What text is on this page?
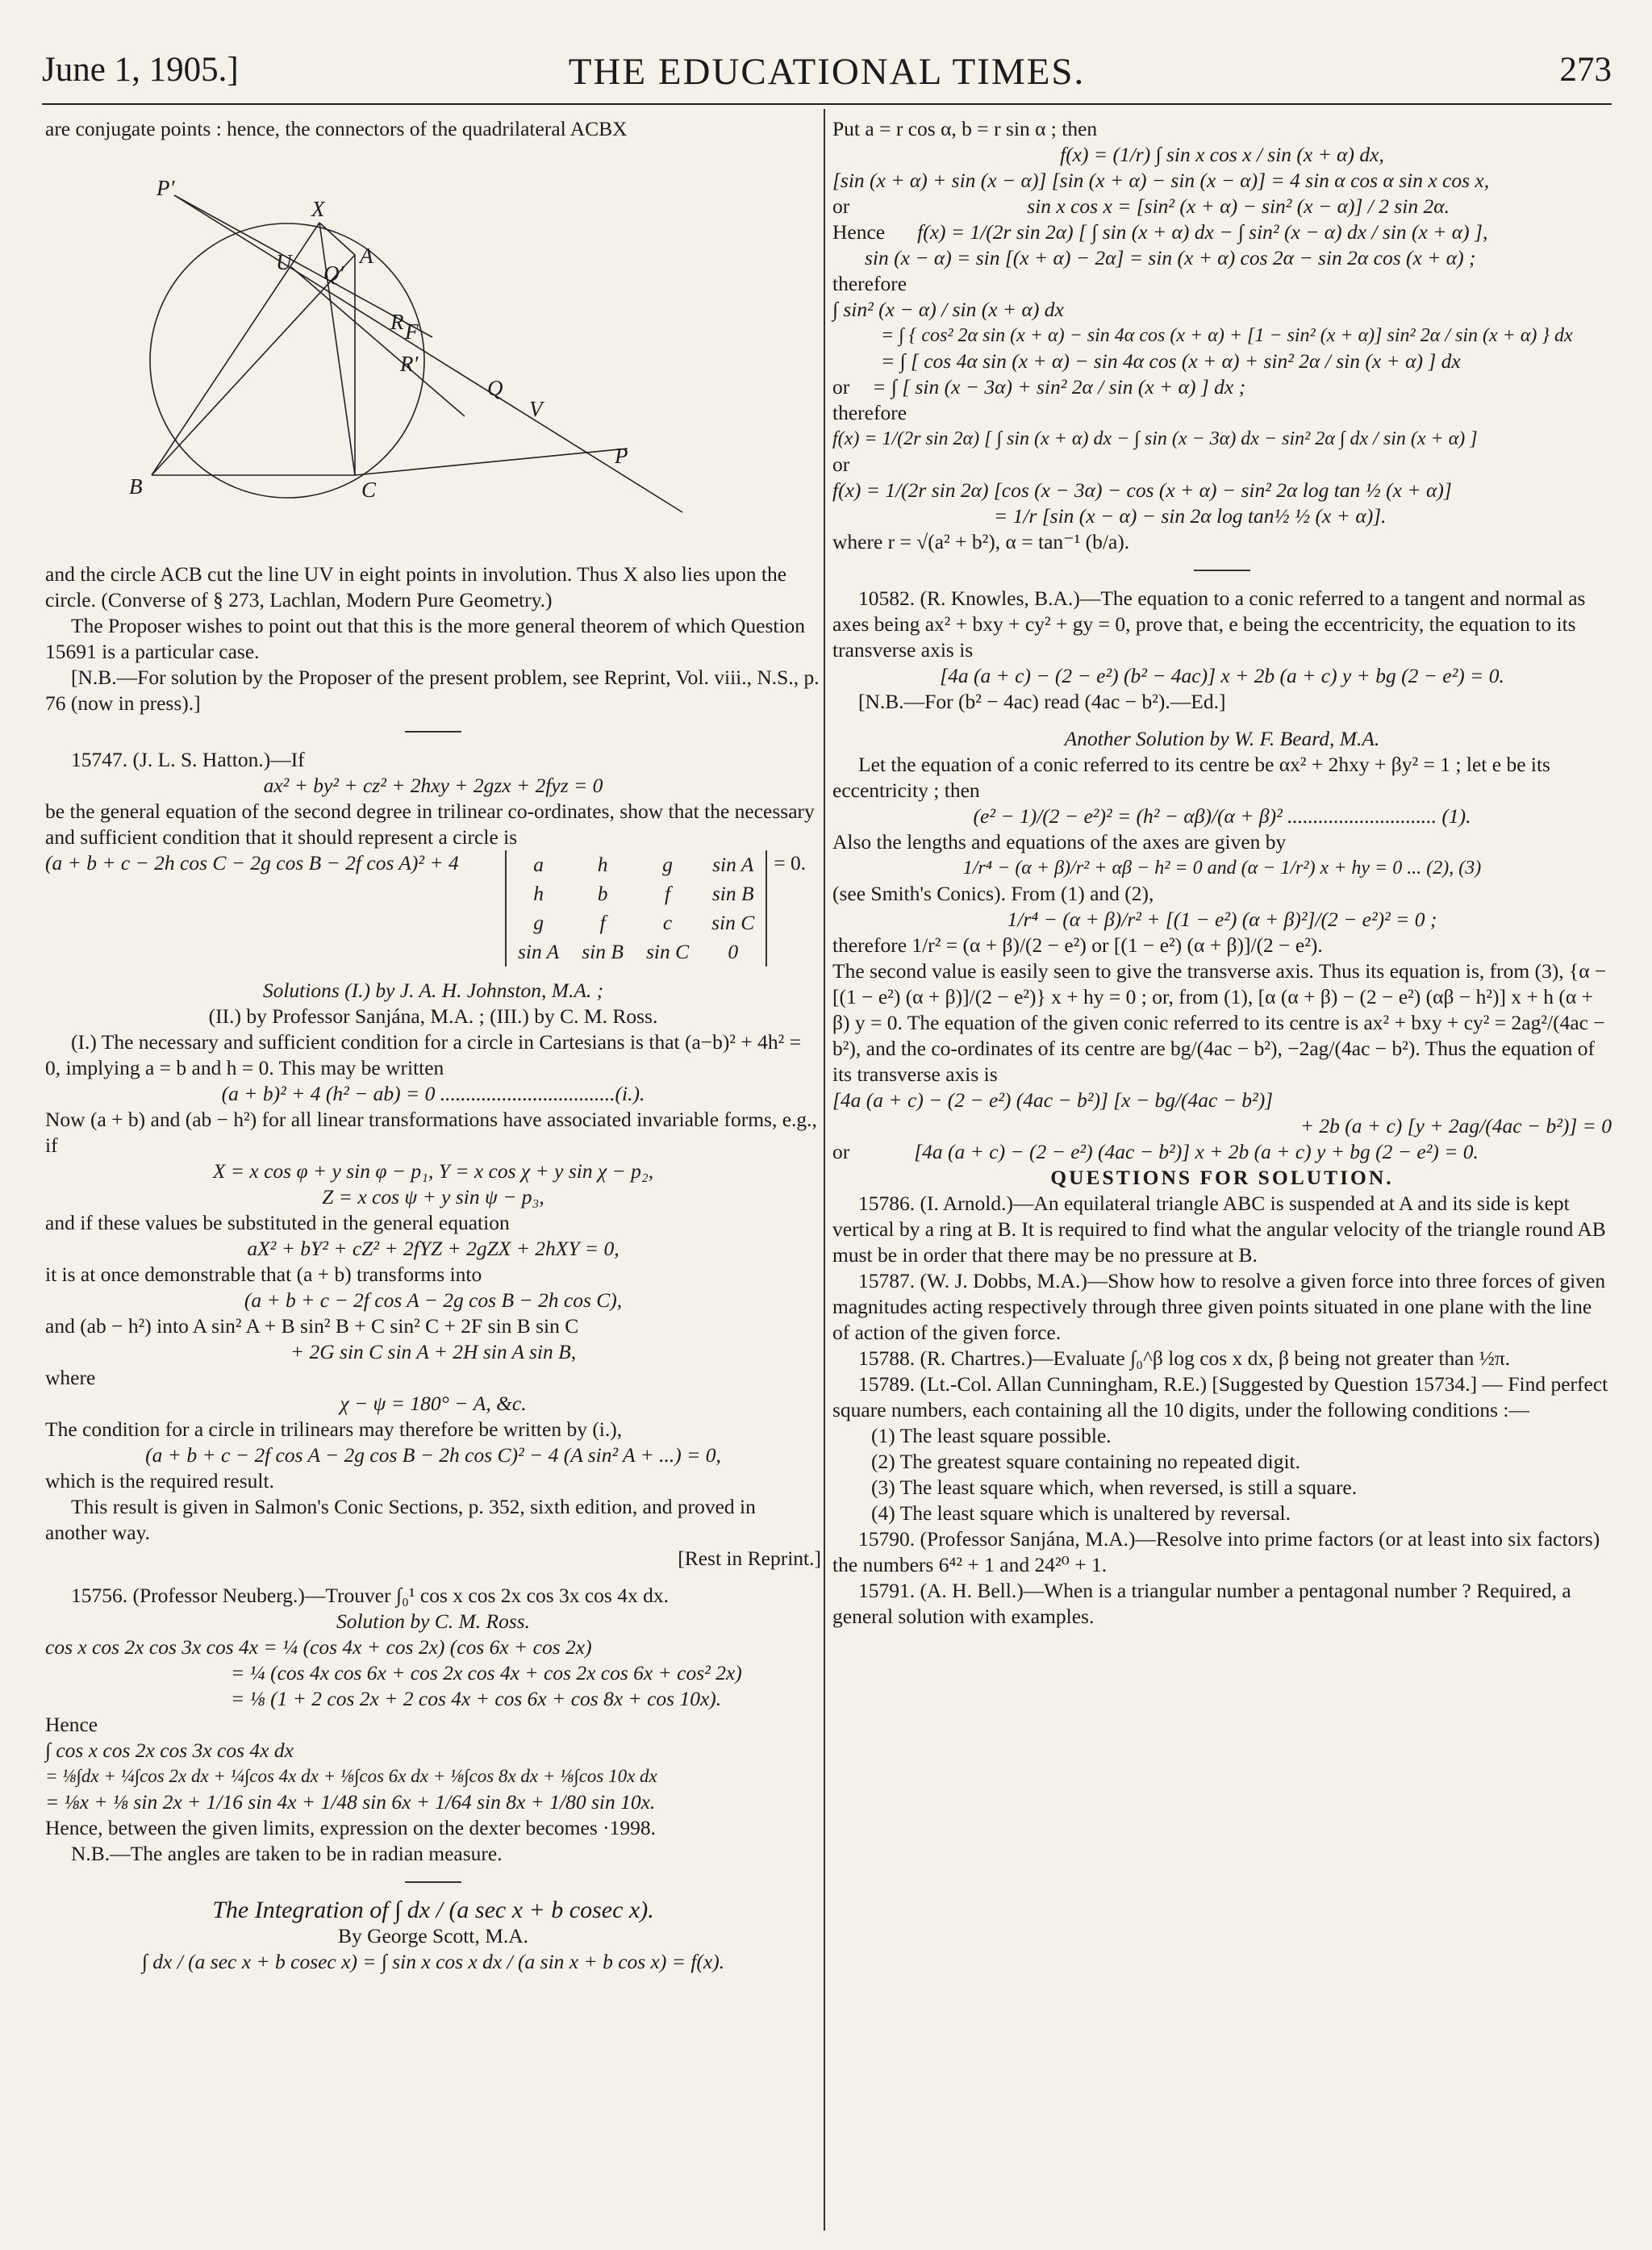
June 1, 1905.]	THE EDUCATIONAL TIMES.	273

are conjugate points : hence, the connectors of the quadrilateral ACBX

P′
X
U Q′
A
R F
R′
Q
V
P
B	C

and the circle ACB cut the line UV in eight points in involution. Thus X also lies upon the circle. (Converse of § 273, Lachlan, Modern Pure Geometry.)

The Proposer wishes to point out that this is the more general theorem of which Question 15691 is a particular case.

[N.B.—For solution by the Proposer of the present problem, see Reprint, Vol. viii., N.S., p. 76 (now in press).]

15747. (J. L. S. Hatton.)—If

ax² + by² + cz² + 2hxy + 2gzx + 2fyz = 0

be the general equation of the second degree in trilinear co-ordinates, show that the necessary and sufficient condition that it should represent a circle is

(a + b + c − 2h cos C − 2g cos B − 2f cos A)² + 4	a	h	g	sin A
h	b	f	sin B
g	f	c	sin C
sin A	sin B	sin C	0
= 0.

Solutions (I.) by J. A. H. Johnston, M.A. ;

(II.) by Professor Sanjána, M.A. ; (III.) by C. M. Ross.

(I.) The necessary and sufficient condition for a circle in Cartesians is that (a−b)² + 4h² = 0, implying a = b and h = 0. This may be written

(a + b)² + 4 (h² − ab) = 0 ..................................(i.).

Now (a + b) and (ab − h²) for all linear transformations have associated invariable forms, e.g., if

X = x cos φ + y sin φ − p₁, Y = x cos χ + y sin χ − p₂,

Z = x cos ψ + y sin ψ − p₃,

and if these values be substituted in the general equation

aX² + bY² + cZ² + 2fYZ + 2gZX + 2hXY = 0,

it is at once demonstrable that (a + b) transforms into

(a + b + c − 2f cos A − 2g cos B − 2h cos C),

and (ab − h²) into A sin² A + B sin² B + C sin² C + 2F sin B sin C

+ 2G sin C sin A + 2H sin A sin B,

where

χ − ψ = 180° − A, &c.

The condition for a circle in trilinears may therefore be written by (i.),

(a + b + c − 2f cos A − 2g cos B − 2h cos C)² − 4 (A sin² A + ...) = 0,

which is the required result.

This result is given in Salmon's Conic Sections, p. 352, sixth edition, and proved in another way.

[Rest in Reprint.]

15756. (Professor Neuberg.)—Trouver ∫₀¹ cos x cos 2x cos 3x cos 4x dx.

Solution by C. M. Ross.

cos x cos 2x cos 3x cos 4x = ¼ (cos 4x + cos 2x) (cos 6x + cos 2x)

= ¼ (cos 4x cos 6x + cos 2x cos 4x + cos 2x cos 6x + cos² 2x)

= ⅛ (1 + 2 cos 2x + 2 cos 4x + cos 6x + cos 8x + cos 10x).

Hence

∫ cos x cos 2x cos 3x cos 4x dx

= ⅛∫dx + ¼∫cos 2x dx + ¼∫cos 4x dx + ⅛∫cos 6x dx + ⅛∫cos 8x dx + ⅛∫cos 10x dx

= ⅛x + ⅛ sin 2x + 1/16 sin 4x + 1/48 sin 6x + 1/64 sin 8x + 1/80 sin 10x.

Hence, between the given limits, expression on the dexter becomes ·1998.

N.B.—The angles are taken to be in radian measure.

The Integration of ∫ dx / (a sec x + b cosec x).

By George Scott, M.A.

∫ dx / (a sec x + b cosec x) = ∫ sin x cos x dx / (a sin x + b cos x) = f(x).

Put a = r cos α, b = r sin α ; then

f(x) = (1/r) ∫ sin x cos x / sin (x + α) dx,

[sin (x + α) + sin (x − α)] [sin (x + α) − sin (x − α)] = 4 sin α cos α sin x cos x,

or	sin x cos x = [sin² (x + α) − sin² (x − α)] / 2 sin 2α.

Hence f(x) = 1/(2r sin 2α) [ ∫ sin (x + α) dx − ∫ sin² (x − α) dx / sin (x + α) ],

sin (x − α) = sin [(x + α) − 2α] = sin (x + α) cos 2α − sin 2α cos (x + α) ;

therefore

∫ sin² (x − α) / sin (x + α) dx

= ∫ { cos² 2α sin (x + α) − sin 4α cos (x + α) + [1 − sin² (x + α)] sin² 2α / sin (x + α) } dx

= ∫ [ cos 4α sin (x + α) − sin 4α cos (x + α) + sin² 2α / sin (x + α) ] dx

or = ∫ [ sin (x − 3α) + sin² 2α / sin (x + α) ] dx ;

therefore

f(x) = 1/(2r sin 2α) [ ∫ sin (x + α) dx − ∫ sin (x − 3α) dx − sin² 2α ∫ dx / sin (x + α) ]

or

f(x) = 1/(2r sin 2α) [cos (x − 3α) − cos (x + α) − sin² 2α log tan ½ (x + α)]

= 1/r [sin (x − α) − sin 2α log tan½ ½ (x + α)].

where r = √(a² + b²), α = tan⁻¹ (b/a).

10582. (R. Knowles, B.A.)—The equation to a conic referred to a tangent and normal as axes being ax² + bxy + cy² + gy = 0, prove that, e being the eccentricity, the equation to its transverse axis is

[4a (a + c) − (2 − e²) (b² − 4ac)] x + 2b (a + c) y + bg (2 − e²) = 0.

[N.B.—For (b² − 4ac) read (4ac − b²).—Ed.]

Another Solution by W. F. Beard, M.A.

Let the equation of a conic referred to its centre be αx² + 2hxy + βy² = 1 ; let e be its eccentricity ; then

(e² − 1)/(2 − e²)² = (h² − αβ)/(α + β)² ............................. (1).

Also the lengths and equations of the axes are given by

1/r⁴ − (α + β)/r² + αβ − h² = 0 and (α − 1/r²) x + hy = 0 ... (2), (3)

(see Smith's Conics). From (1) and (2),

1/r⁴ − (α + β)/r² + [(1 − e²) (α + β)²]/(2 − e²)² = 0 ;

therefore 1/r² = (α + β)/(2 − e²) or [(1 − e²) (α + β)]/(2 − e²).

The second value is easily seen to give the transverse axis. Thus its equation is, from (3), {α − [(1 − e²) (α + β)]/(2 − e²)} x + hy = 0 ; or, from (1), [α (α + β) − (2 − e²) (αβ − h²)] x + h (α + β) y = 0. The equation of the given conic referred to its centre is ax² + bxy + cy² = 2ag²/(4ac − b²), and the co-ordinates of its centre are bg/(4ac − b²), −2ag/(4ac − b²). Thus the equation of its transverse axis is

[4a (a + c) − (2 − e²) (4ac − b²)] [x − bg/(4ac − b²)]

+ 2b (a + c) [y + 2ag/(4ac − b²)] = 0

or	[4a (a + c) − (2 − e²) (4ac − b²)] x + 2b (a + c) y + bg (2 − e²) = 0.

QUESTIONS FOR SOLUTION.

15786. (I. Arnold.)—An equilateral triangle ABC is suspended at A and its side is kept vertical by a ring at B. It is required to find what the angular velocity of the triangle round AB must be in order that there may be no pressure at B.

15787. (W. J. Dobbs, M.A.)—Show how to resolve a given force into three forces of given magnitudes acting respectively through three given points situated in one plane with the line of action of the given force.

15788. (R. Chartres.)—Evaluate ∫₀^β log cos x dx, β being not greater than ½π.

15789. (Lt.-Col. Allan Cunningham, R.E.) [Suggested by Question 15734.] — Find perfect square numbers, each containing all the 10 digits, under the following conditions :—

(1) The least square possible.
(2) The greatest square containing no repeated digit.
(3) The least square which, when reversed, is still a square.
(4) The least square which is unaltered by reversal.

15790. (Professor Sanjána, M.A.)—Resolve into prime factors (or at least into six factors) the numbers 6⁴² + 1 and 24²⁰ + 1.

15791. (A. H. Bell.)—When is a triangular number a pentagonal number ? Required, a general solution with examples.
